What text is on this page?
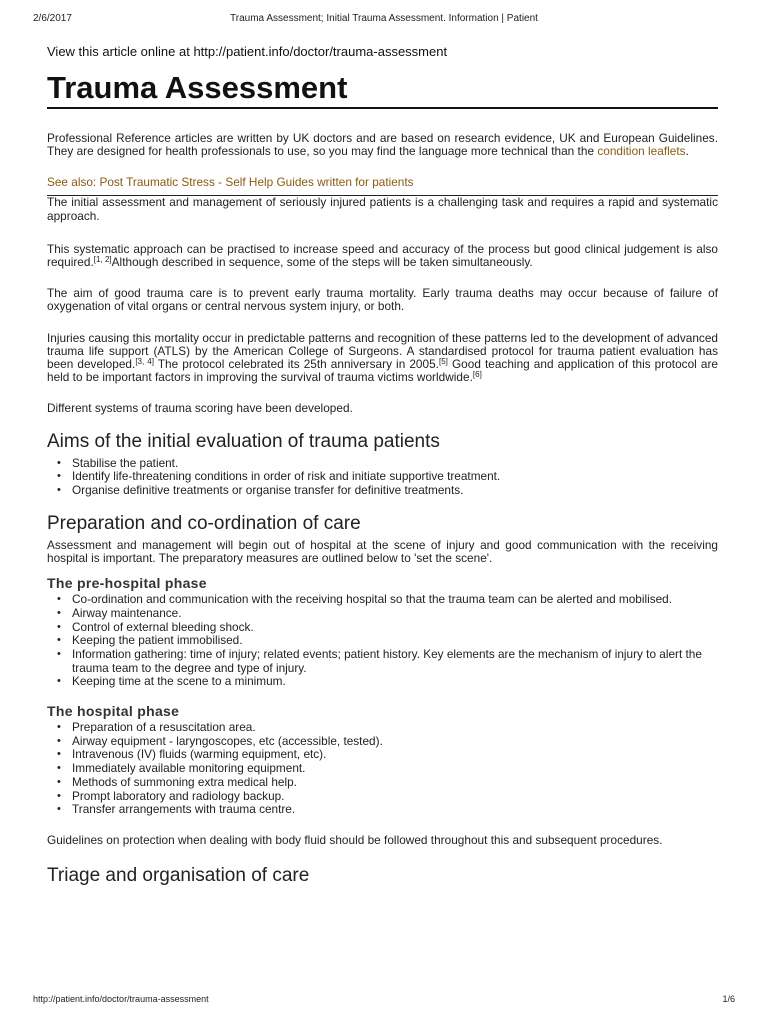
2/6/2017	Trauma Assessment; Initial Trauma Assessment. Information | Patient
View this article online at http://patient.info/doctor/trauma-assessment
Trauma Assessment

Professional Reference articles are written by UK doctors and are based on research evidence, UK and European Guidelines. They are designed for health professionals to use, so you may find the language more technical than the condition leaflets.

See also: Post Traumatic Stress - Self Help Guides written for patients

The initial assessment and management of seriously injured patients is a challenging task and requires a rapid and systematic approach.

This systematic approach can be practised to increase speed and accuracy of the process but good clinical judgement is also required.[1, 2]Although described in sequence, some of the steps will be taken simultaneously.

The aim of good trauma care is to prevent early trauma mortality. Early trauma deaths may occur because of failure of oxygenation of vital organs or central nervous system injury, or both.

Injuries causing this mortality occur in predictable patterns and recognition of these patterns led to the development of advanced trauma life support (ATLS) by the American College of Surgeons. A standardised protocol for trauma patient evaluation has been developed.[3, 4] The protocol celebrated its 25th anniversary in 2005.[5] Good teaching and application of this protocol are held to be important factors in improving the survival of trauma victims worldwide.[6]

Different systems of trauma scoring have been developed.

Aims of the initial evaluation of trauma patients
• Stabilise the patient.
• Identify life-threatening conditions in order of risk and initiate supportive treatment.
• Organise definitive treatments or organise transfer for definitive treatments.
Preparation and co-ordination of care

Assessment and management will begin out of hospital at the scene of injury and good communication with the receiving hospital is important. The preparatory measures are outlined below to 'set the scene'.

The pre-hospital phase
• Co-ordination and communication with the receiving hospital so that the trauma team can be alerted and mobilised.
• Airway maintenance.
• Control of external bleeding shock.
• Keeping the patient immobilised.
• Information gathering: time of injury; related events; patient history. Key elements are the mechanism of injury to alert the trauma team to the degree and type of injury.
• Keeping time at the scene to a minimum.
The hospital phase
• Preparation of a resuscitation area.
• Airway equipment - laryngoscopes, etc (accessible, tested).
• Intravenous (IV) fluids (warming equipment, etc).
• Immediately available monitoring equipment.
• Methods of summoning extra medical help.
• Prompt laboratory and radiology backup.
• Transfer arrangements with trauma centre.

Guidelines on protection when dealing with body fluid should be followed throughout this and subsequent procedures.

Triage and organisation of care
http://patient.info/doctor/trauma-assessment	1/6
